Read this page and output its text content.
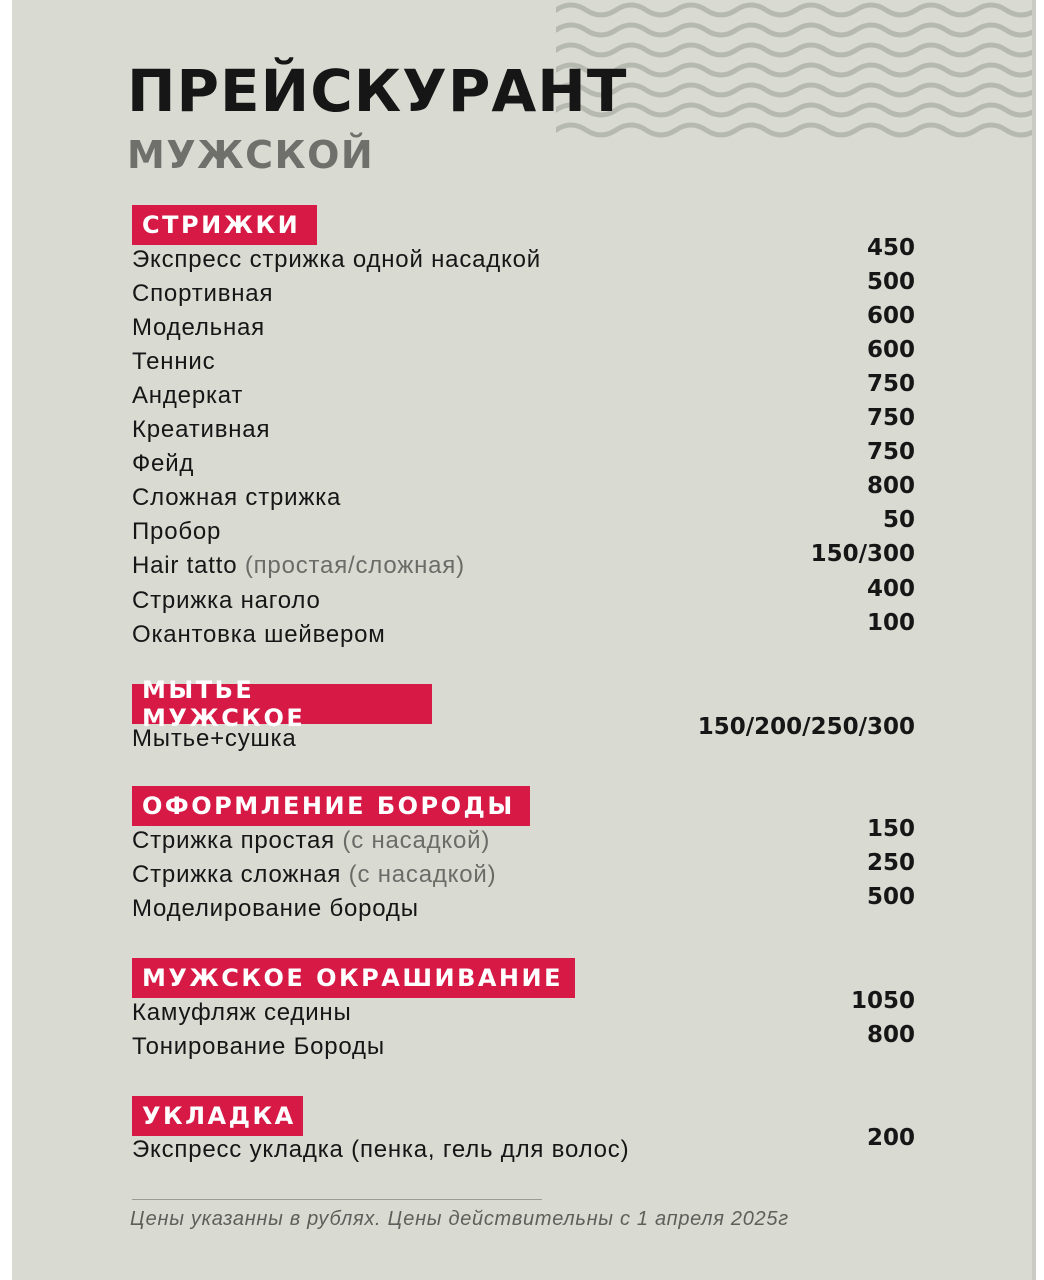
ПРЕЙСКУРАНТ
МУЖСКОЙ
СТРИЖКИ
Экспресс стрижка одной насадкой	450
Спортивная	500
Модельная	600
Теннис	600
Андеркат	750
Креативная	750
Фейд	750
Сложная стрижка	800
Пробор	50
Hair tatto (простая/сложная)	150/300
Стрижка наголо	400
Окантовка шейвером	100
МЫТЬЕ МУЖСКОЕ
Мытье+сушка	150/200/250/300
ОФОРМЛЕНИЕ БОРОДЫ
Стрижка простая (с насадкой)	150
Стрижка сложная (с насадкой)	250
Моделирование бороды	500
МУЖСКОЕ ОКРАШИВАНИЕ
Камуфляж седины	1050
Тонирование Бороды	800
УКЛАДКА
Экспресс укладка (пенка, гель для волос)	200
Цены указанны в рублях. Цены действительны с 1 апреля 2025г
